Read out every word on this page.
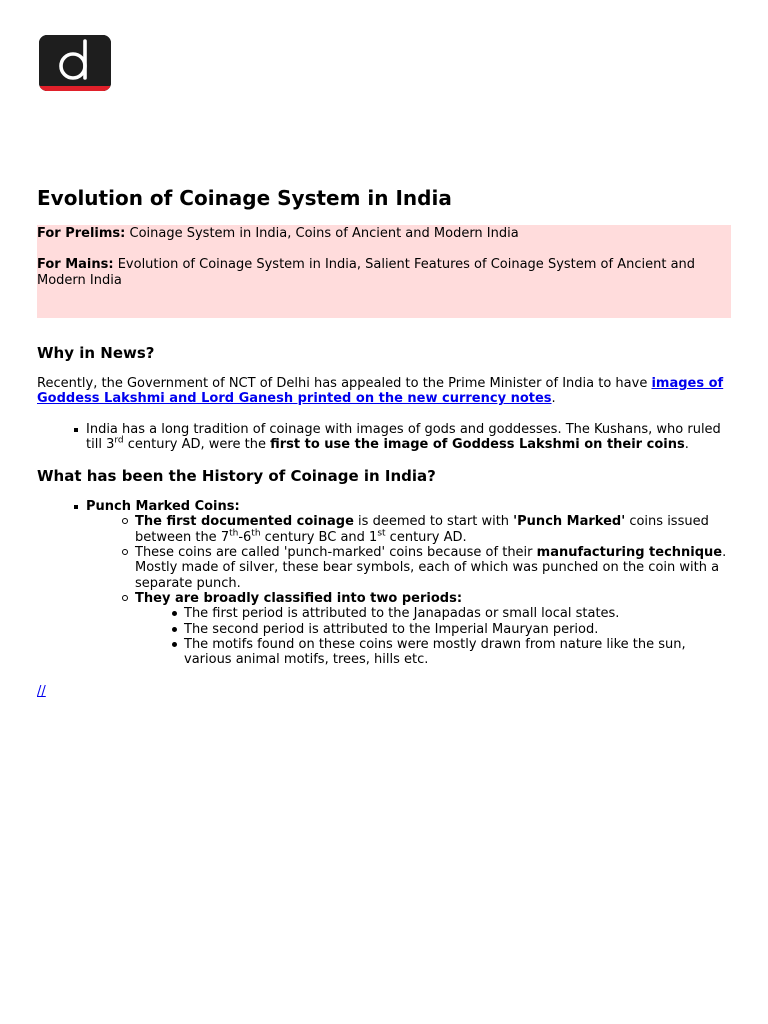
Evolution of Coinage System in India

For Prelims: Coinage System in India, Coins of Ancient and Modern India

For Mains: Evolution of Coinage System in India, Salient Features of Coinage System of Ancient and Modern India

Why in News?

Recently, the Government of NCT of Delhi has appealed to the Prime Minister of India to have images of Goddess Lakshmi and Lord Ganesh printed on the new currency notes.

India has a long tradition of coinage with images of gods and goddesses. The Kushans, who ruled till 3rd century AD, were the first to use the image of Goddess Lakshmi on their coins.
What has been the History of Coinage in India?
Punch Marked Coins:
The first documented coinage is deemed to start with 'Punch Marked' coins issued between the 7th-6th century BC and 1st century AD.
These coins are called 'punch-marked' coins because of their manufacturing technique. Mostly made of silver, these bear symbols, each of which was punched on the coin with a separate punch.
They are broadly classified into two periods:
The first period is attributed to the Janapadas or small local states.
The second period is attributed to the Imperial Mauryan period.
The motifs found on these coins were mostly drawn from nature like the sun, various animal motifs, trees, hills etc.
//
